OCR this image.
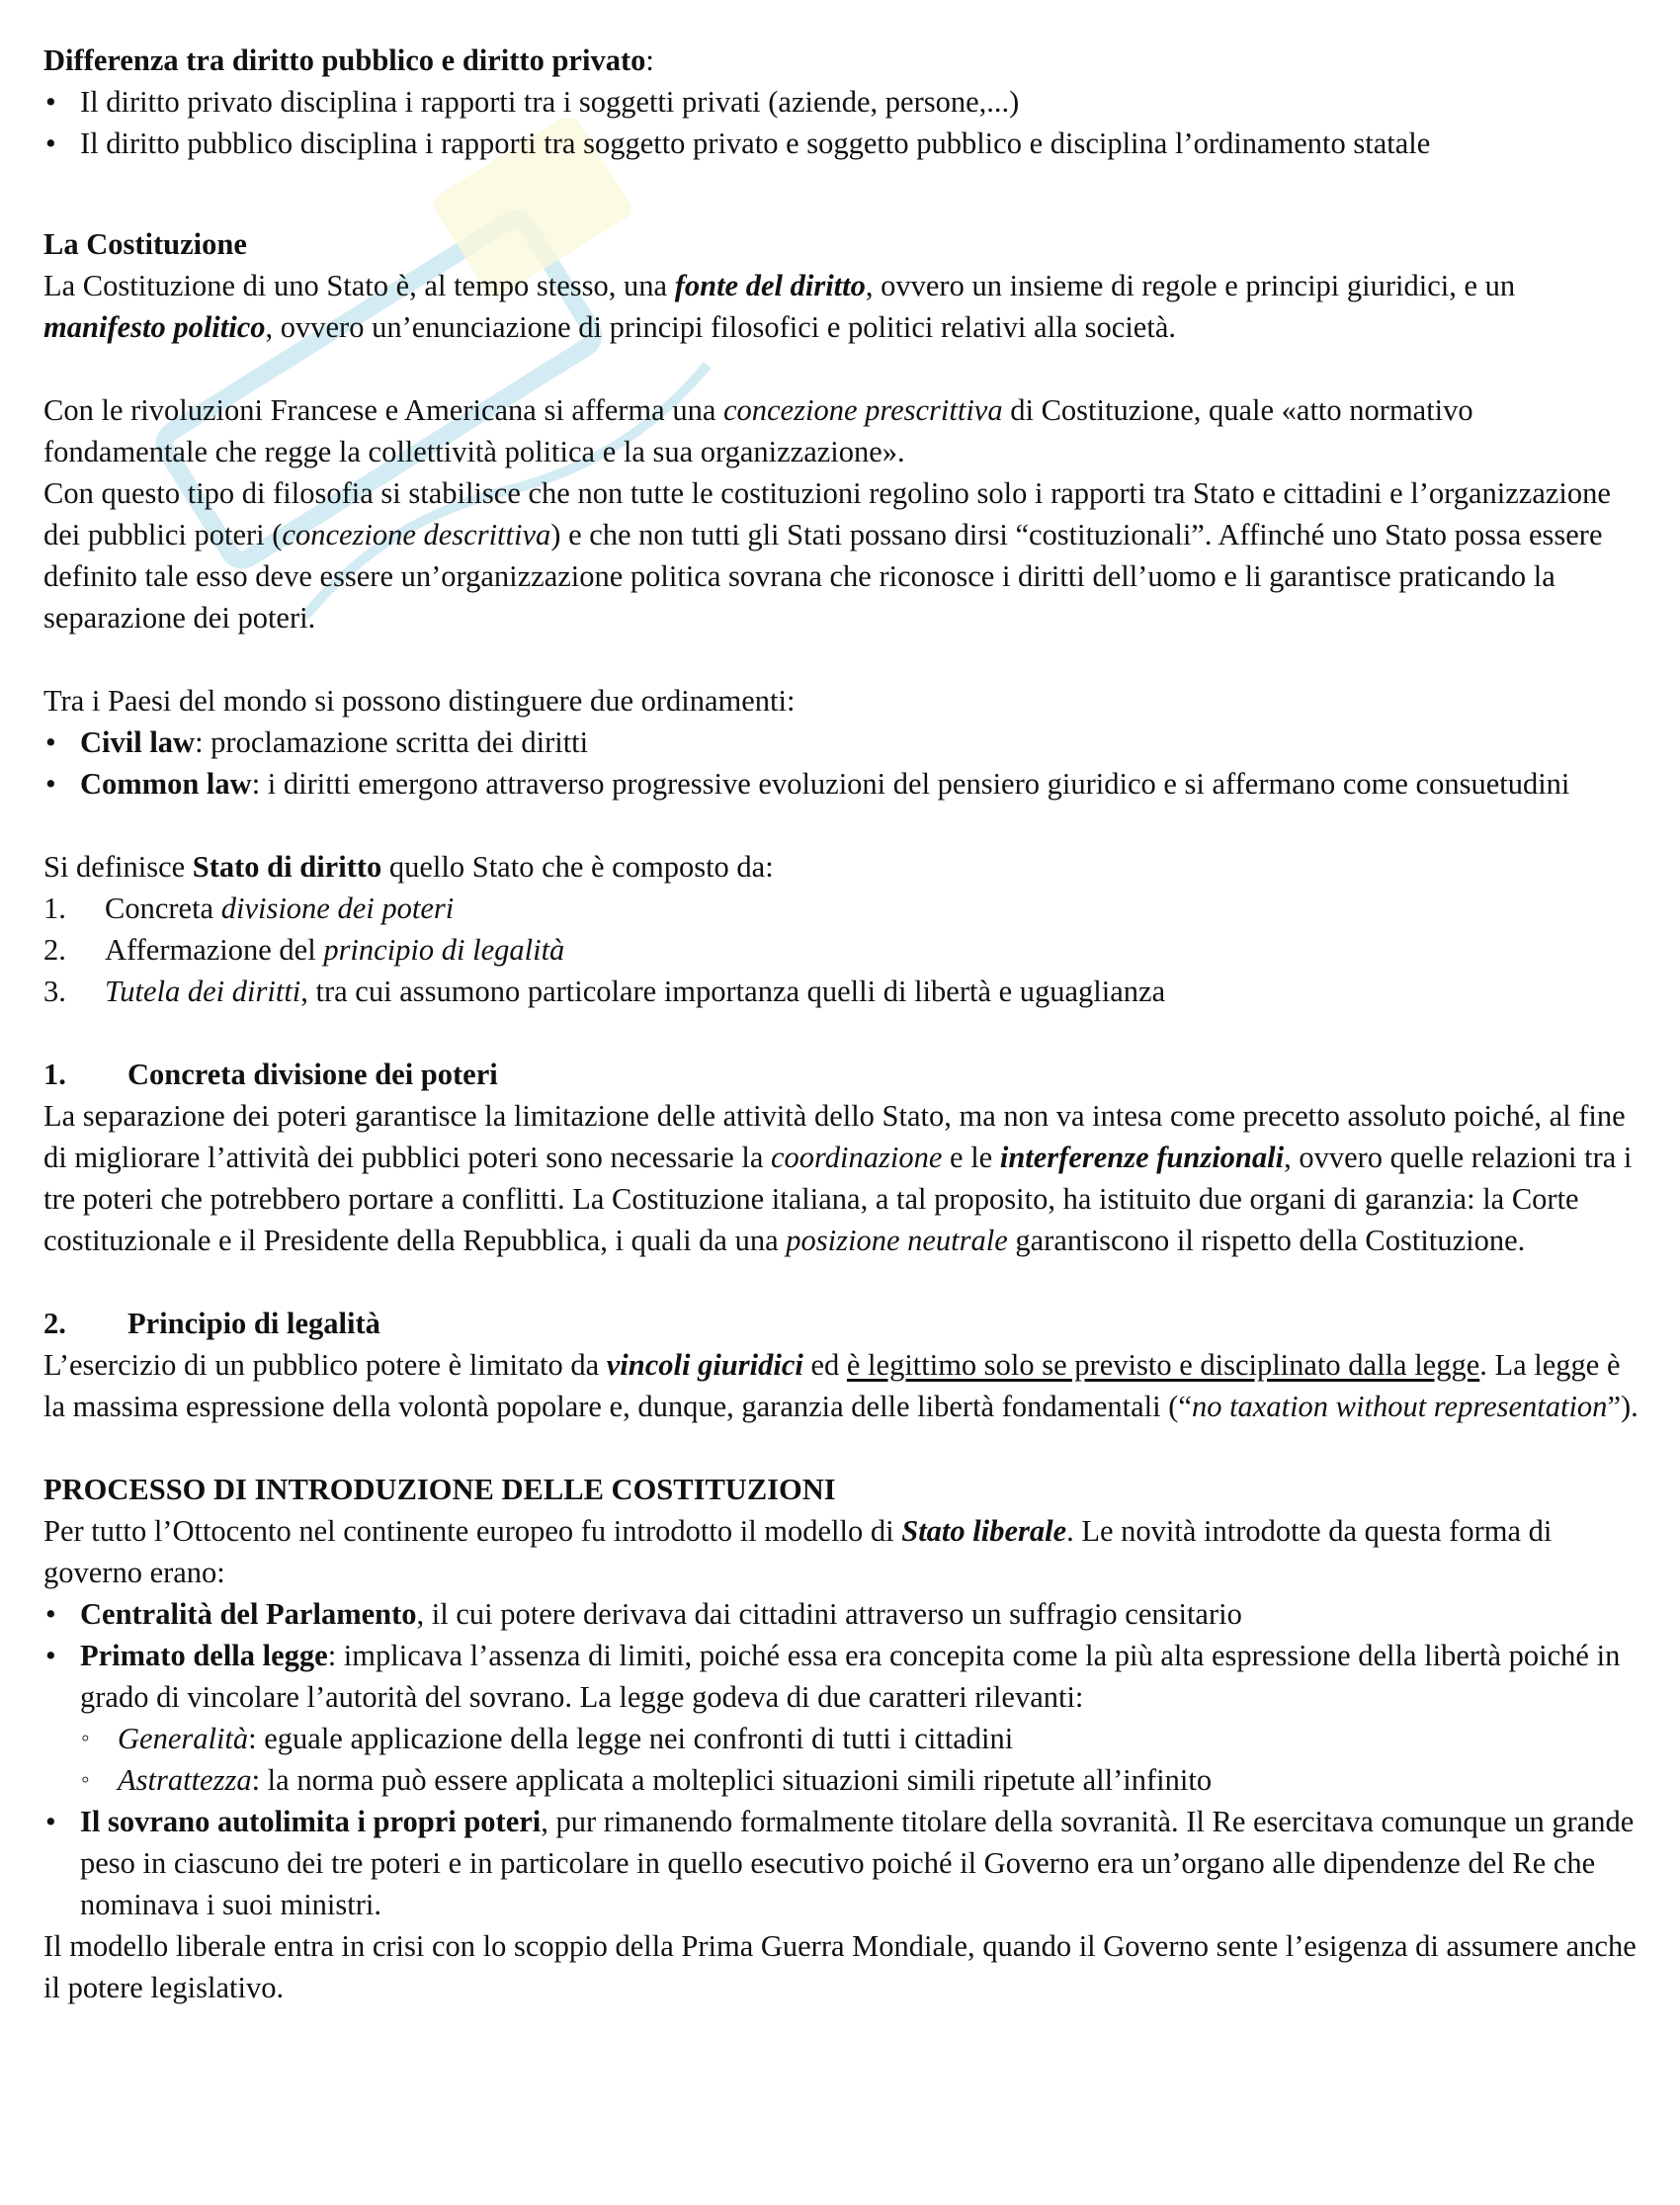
Differenza tra diritto pubblico e diritto privato:

• Il diritto privato disciplina i rapporti tra i soggetti privati (aziende, persone,...)
• Il diritto pubblico disciplina i rapporti tra soggetto privato e soggetto pubblico e disciplina l’ordinamento statale

La Costituzione

La Costituzione di uno Stato è, al tempo stesso, una fonte del diritto, ovvero un insieme di regole e principi giuridici, e un manifesto politico, ovvero un’enunciazione di principi filosofici e politici relativi alla società.

Con le rivoluzioni Francese e Americana si afferma una concezione prescrittiva di Costituzione, quale «atto normativo fondamentale che regge la collettività politica e la sua organizzazione».

Con questo tipo di filosofia si stabilisce che non tutte le costituzioni regolino solo i rapporti tra Stato e cittadini e l’organizzazione dei pubblici poteri (concezione descrittiva) e che non tutti gli Stati possano dirsi “costituzionali”. Affinché uno Stato possa essere definito tale esso deve essere un’organizzazione politica sovrana che riconosce i diritti dell’uomo e li garantisce praticando la separazione dei poteri.

Tra i Paesi del mondo si possono distinguere due ordinamenti:

• Civil law: proclamazione scritta dei diritti
• Common law: i diritti emergono attraverso progressive evoluzioni del pensiero giuridico e si affermano come consuetudini

Si definisce Stato di diritto quello Stato che è composto da:

1.	Concreta divisione dei poteri
2.	Affermazione del principio di legalità
3.	Tutela dei diritti, tra cui assumono particolare importanza quelli di libertà e uguaglianza
1.	Concreta divisione dei poteri

La separazione dei poteri garantisce la limitazione delle attività dello Stato, ma non va intesa come precetto assoluto poiché, al fine di migliorare l’attività dei pubblici poteri sono necessarie la coordinazione e le interferenze funzionali, ovvero quelle relazioni tra i tre poteri che potrebbero portare a conflitti. La Costituzione italiana, a tal proposito, ha istituito due organi di garanzia: la Corte costituzionale e il Presidente della Repubblica, i quali da una posizione neutrale garantiscono il rispetto della Costituzione.

2.	Principio di legalità

L’esercizio di un pubblico potere è limitato da vincoli giuridici ed è legittimo solo se previsto e disciplinato dalla legge. La legge è la massima espressione della volontà popolare e, dunque, garanzia delle libertà fondamentali (“no taxation without representation”).

PROCESSO DI INTRODUZIONE DELLE COSTITUZIONI

Per tutto l’Ottocento nel continente europeo fu introdotto il modello di Stato liberale. Le novità introdotte da questa forma di governo erano:

• Centralità del Parlamento, il cui potere derivava dai cittadini attraverso un suffragio censitario
• Primato della legge: implicava l’assenza di limiti, poiché essa era concepita come la più alta espressione della libertà poiché in grado di vincolare l’autorità del sovrano. La legge godeva di due caratteri rilevanti:
◦ Generalità: eguale applicazione della legge nei confronti di tutti i cittadini
◦ Astrattezza: la norma può essere applicata a molteplici situazioni simili ripetute all’infinito
• Il sovrano autolimita i propri poteri, pur rimanendo formalmente titolare della sovranità. Il Re esercitava comunque un grande peso in ciascuno dei tre poteri e in particolare in quello esecutivo poiché il Governo era un’organo alle dipendenze del Re che nominava i suoi ministri.

Il modello liberale entra in crisi con lo scoppio della Prima Guerra Mondiale, quando il Governo sente l’esigenza di assumere anche il potere legislativo.
